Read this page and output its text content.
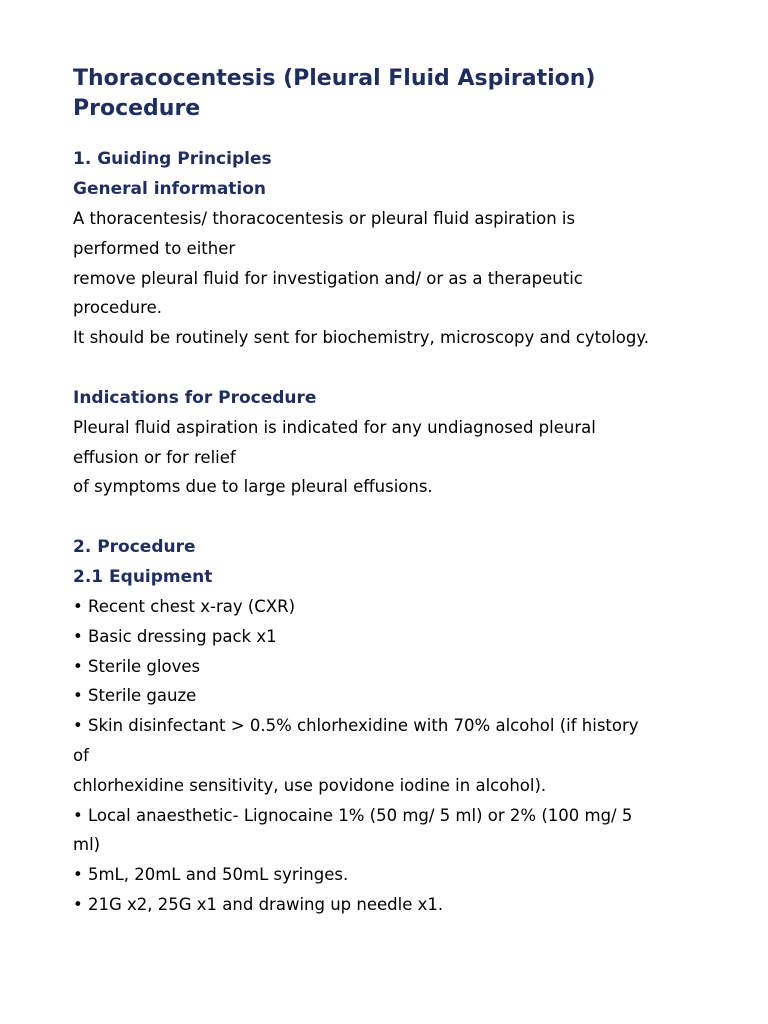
Thoracocentesis (Pleural Fluid Aspiration) Procedure
1. Guiding Principles
General information

A thoracentesis/ thoracocentesis or pleural fluid aspiration is

performed to either

remove pleural fluid for investigation and/ or as a therapeutic

procedure.

It should be routinely sent for biochemistry, microscopy and cytology.

Indications for Procedure

Pleural fluid aspiration is indicated for any undiagnosed pleural

effusion or for relief

of symptoms due to large pleural effusions.

2. Procedure
2.1 Equipment

• Recent chest x-ray (CXR)

• Basic dressing pack x1

• Sterile gloves

• Sterile gauze

• Skin disinfectant > 0.5% chlorhexidine with 70% alcohol (if history

of

chlorhexidine sensitivity, use povidone iodine in alcohol).

• Local anaesthetic- Lignocaine 1% (50 mg/ 5 ml) or 2% (100 mg/ 5

ml)

• 5mL, 20mL and 50mL syringes.

• 21G x2, 25G x1 and drawing up needle x1.
